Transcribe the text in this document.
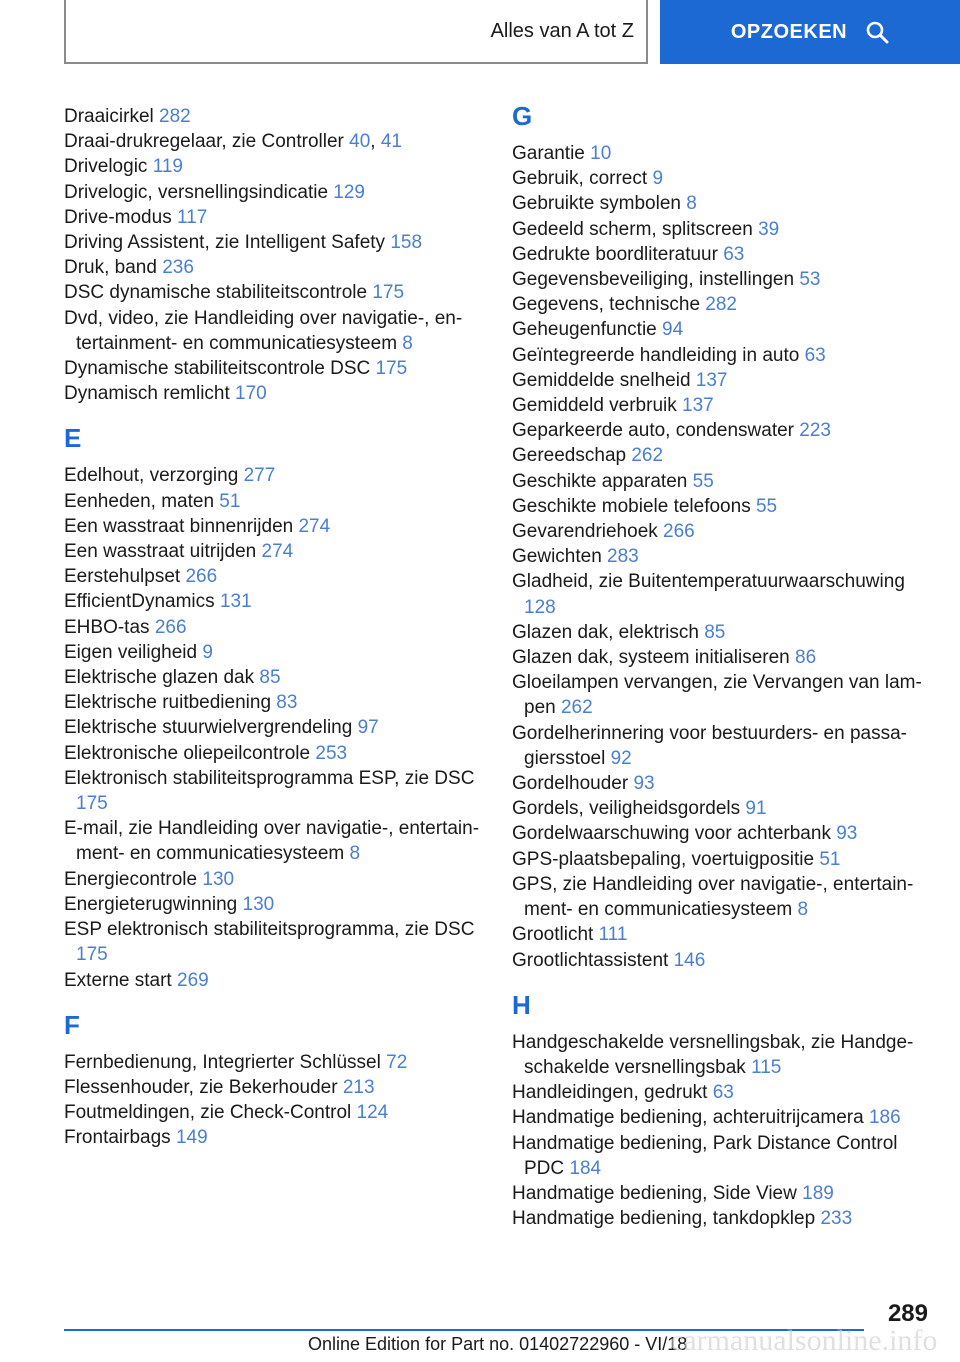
Alles van A tot Z	OPZOEKEN
Draaicirkel 282
Draai-drukregelaar, zie Controller 40, 41
Drivelogic 119
Drivelogic, versnellingsindicatie 129
Drive-modus 117
Driving Assistent, zie Intelligent Safety 158
Druk, band 236
DSC dynamische stabiliteitscontrole 175
Dvd, video, zie Handleiding over navigatie-, entertainment- en communicatiesysteem 8
Dynamische stabiliteitscontrole DSC 175
Dynamisch remlicht 170
E
Edelhout, verzorging 277
Eenheden, maten 51
Een wasstraat binnenrijden 274
Een wasstraat uitrijden 274
Eerstehulpset 266
EfficientDynamics 131
EHBO-tas 266
Eigen veiligheid 9
Elektrische glazen dak 85
Elektrische ruitbediening 83
Elektrische stuurwielvergrendeling 97
Elektronische oliepeilcontrole 253
Elektronisch stabiliteitsprogramma ESP, zie DSC 175
E-mail, zie Handleiding over navigatie-, entertainment- en communicatiesysteem 8
Energiecontrole 130
Energieterugwinning 130
ESP elektronisch stabiliteitsprogramma, zie DSC 175
Externe start 269
F
Fernbedienung, Integrierter Schlüssel 72
Flessenhouder, zie Bekerhouder 213
Foutmeldingen, zie Check-Control 124
Frontairbags 149
G
Garantie 10
Gebruik, correct 9
Gebruikte symbolen 8
Gedeeld scherm, splitscreen 39
Gedrukte boordliteratuur 63
Gegevensbeveiliging, instellingen 53
Gegevens, technische 282
Geheugenfunctie 94
Geïntegreerde handleiding in auto 63
Gemiddelde snelheid 137
Gemiddeld verbruik 137
Geparkeerde auto, condenswater 223
Gereedschap 262
Geschikte apparaten 55
Geschikte mobiele telefoons 55
Gevarendriehoek 266
Gewichten 283
Gladheid, zie Buitentemperatuurwaarschuwing 128
Glazen dak, elektrisch 85
Glazen dak, systeem initialiseren 86
Gloeilampen vervangen, zie Vervangen van lampen 262
Gordelherinnering voor bestuurders- en passagiersstoel 92
Gordelhouder 93
Gordels, veiligheidsgordels 91
Gordelwaarschuwing voor achterbank 93
GPS-plaatsbepaling, voertuigpositie 51
GPS, zie Handleiding over navigatie-, entertainment- en communicatiesysteem 8
Grootlicht 111
Grootlichtassistent 146
H
Handgeschakelde versnellingsbak, zie Handgeschakelde versnellingsbak 115
Handleidingen, gedrukt 63
Handmatige bediening, achteruitrijcamera 186
Handmatige bediening, Park Distance Control PDC 184
Handmatige bediening, Side View 189
Handmatige bediening, tankdopklep 233
289
Online Edition for Part no. 01402722960 - VI/18
carmanualsonline.info
